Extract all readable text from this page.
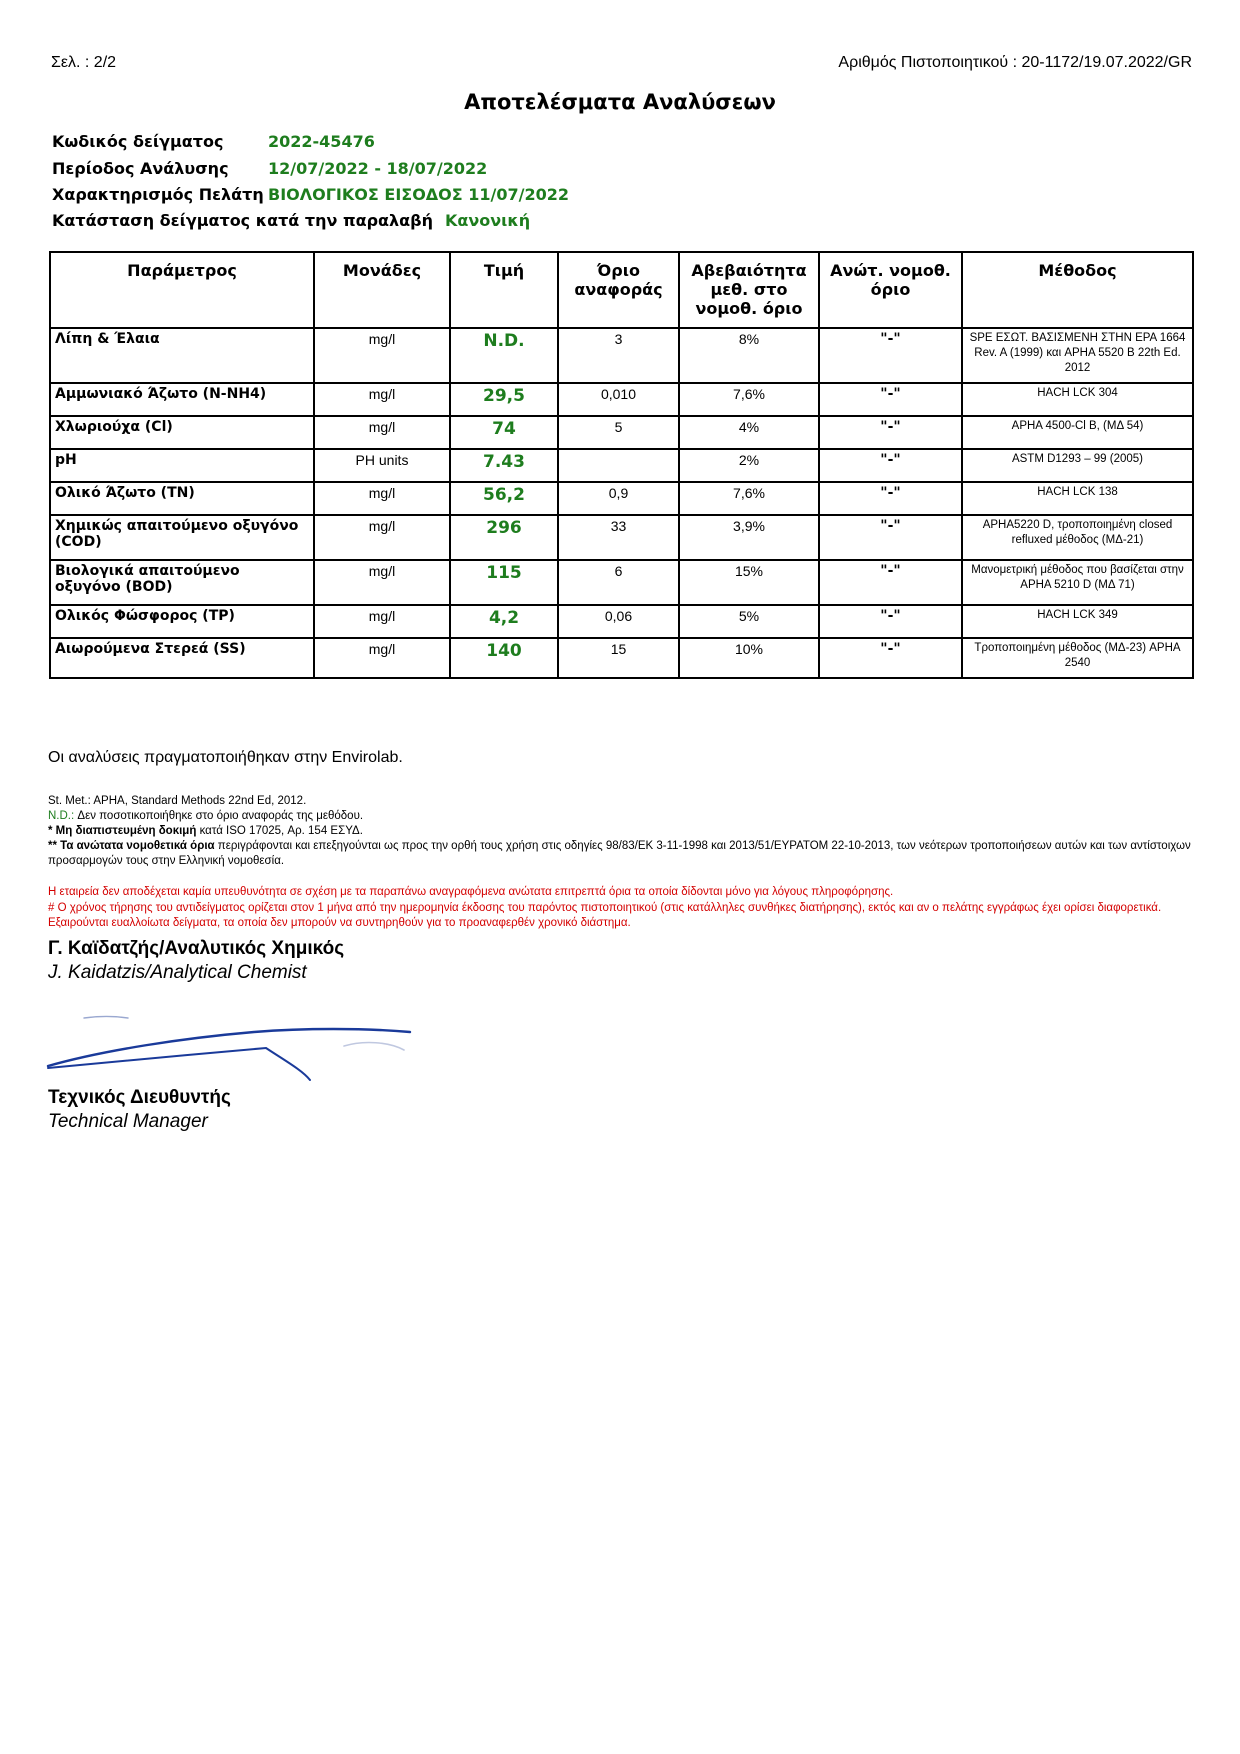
Σελ. : 2/2	Αριθμός Πιστοποιητικού : 20-1172/19.07.2022/GR
Αποτελέσματα Αναλύσεων
Κωδικός δείγματος	2022-45476
Περίοδος Ανάλυσης 12/07/2022 - 18/07/2022
Χαρακτηρισμός Πελάτη ΒΙΟΛΟΓΙΚΟΣ ΕΙΣΟΔΟΣ 11/07/2022
Κατάσταση δείγματος κατά την παραλαβή Κανονική
Παράμετρος	Μονάδες	Τιμή	Όριο αναφοράς	Αβεβαιότητα μεθ. στο νομοθ. όριο	Ανώτ. νομοθ. όριο	Μέθοδος
Λίπη & Έλαια	mg/l	N.D.	3	8%	"-"	SPE ΕΣΩΤ. ΒΑΣΙΣΜΕΝΗ ΣΤΗΝ EPA 1664 Rev. A (1999) και APHA 5520 B 22th Ed. 2012
Αμμωνιακό Άζωτο (N-NH4)	mg/l	29,5	0,010	7,6%	"-"	HACH LCK 304
Χλωριούχα (Cl)	mg/l	74	5	4%	"-"	APHA 4500-Cl B, (ΜΔ 54)
pH	PH units	7.43		2%	"-"	ASTM D1293 – 99 (2005)
Ολικό Άζωτο (TN)	mg/l	56,2	0,9	7,6%	"-"	HACH LCK 138
Χημικώς απαιτούμενο οξυγόνο (COD)	mg/l	296	33	3,9%	"-"	APHA5220 D, τροποποιημένη closed refluxed μέθοδος (ΜΔ-21)
Βιολογικά απαιτούμενο οξυγόνο (BOD)	mg/l	115	6	15%	"-"	Μανομετρική μέθοδος που βασίζεται στην APHA 5210 D (ΜΔ 71)
Ολικός Φώσφορος (TP)	mg/l	4,2	0,06	5%	"-"	HACH LCK 349
Αιωρούμενα Στερεά (SS)	mg/l	140	15	10%	"-"	Τροποποιημένη μέθοδος (ΜΔ-23) APHA 2540
Οι αναλύσεις πραγματοποιήθηκαν στην Envirolab.
St. Met.: APHA, Standard Methods 22nd Ed, 2012.
N.D.: Δεν ποσοτικοποιήθηκε στο όριο αναφοράς της μεθόδου.
* Μη διαπιστευμένη δοκιμή κατά ISO 17025, Αρ. 154 ΕΣΥΔ.
** Τα ανώτατα νομοθετικά όρια περιγράφονται και επεξηγούνται ως προς την ορθή τους χρήση στις οδηγίες 98/83/ΕΚ 3-11-1998 και 2013/51/ΕΥΡΑΤΟΜ 22-10-2013, των νεότερων τροποποιήσεων αυτών και των αντίστοιχων προσαρμογών τους στην Ελληνική νομοθεσία.
Η εταιρεία δεν αποδέχεται καμία υπευθυνότητα σε σχέση με τα παραπάνω αναγραφόμενα ανώτατα επιτρεπτά όρια τα οποία δίδονται μόνο για λόγους πληροφόρησης.
# Ο χρόνος τήρησης του αντιδείγματος ορίζεται στον 1 μήνα από την ημερομηνία έκδοσης του παρόντος πιστοποιητικού (στις κατάλληλες συνθήκες διατήρησης), εκτός και αν ο πελάτης εγγράφως έχει ορίσει διαφορετικά. Εξαιρούνται ευαλλοίωτα δείγματα, τα οποία δεν μπορούν να συντηρηθούν για το προαναφερθέν χρονικό διάστημα.
Γ. Καϊδατζής/Αναλυτικός Χημικός
J. Kaidatzis/Analytical Chemist
Τεχνικός Διευθυντής
Technical Manager
